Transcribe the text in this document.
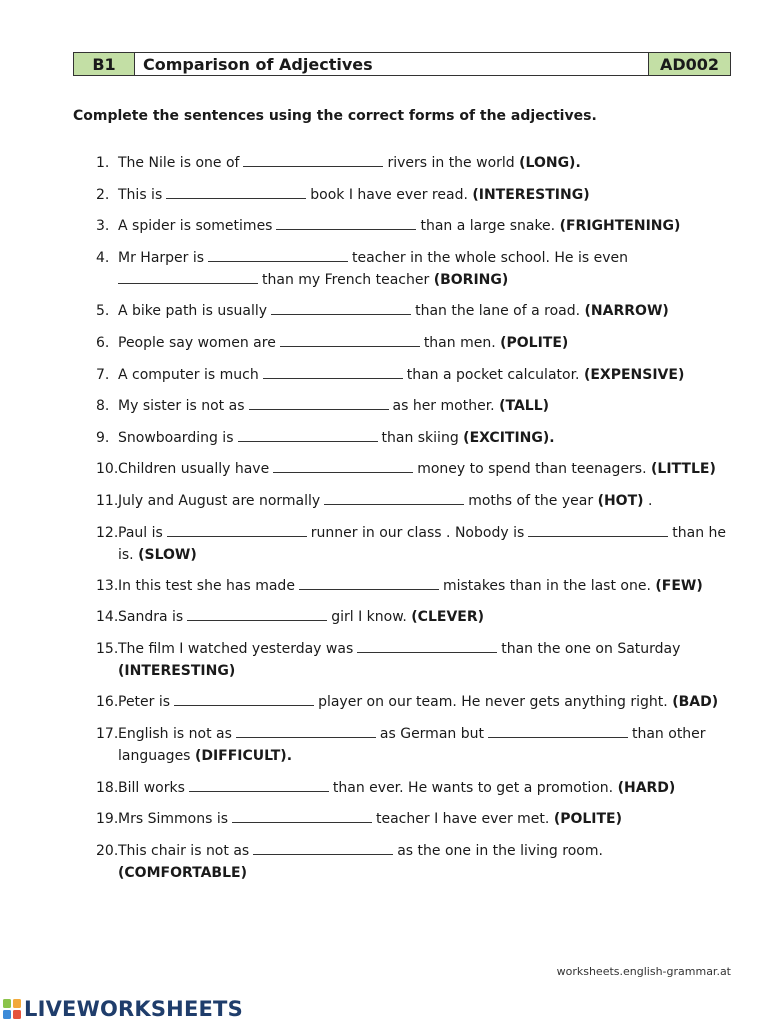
B1	Comparison of Adjectives	AD002
Complete the sentences using the correct forms of the adjectives.
1. The Nile is one of	rivers in the world (LONG).
2. This is	book I have ever read. (INTERESTING)
3. A spider is sometimes	than a large snake. (FRIGHTENING)
4. Mr Harper is	teacher in the whole school. He is even
than my French teacher (BORING)
5. A bike path is usually	than the lane of a road. (NARROW)
6. People say women are	than men. (POLITE)
7. A computer is much	than a pocket calculator. (EXPENSIVE)
8. My sister is not as	as her mother. (TALL)
9. Snowboarding is	than skiing (EXCITING).
10. Children usually have	money to spend than teenagers. (LITTLE)
11. July and August are normally	moths of the year (HOT) .
12. Paul is	runner in our class . Nobody is	than he is. (SLOW)
13. In this test she has made	mistakes than in the last one. (FEW)
14. Sandra is	girl I know. (CLEVER)
15. The film I watched yesterday was	than the one on Saturday
(INTERESTING)
16. Peter is	player on our team. He never gets anything right. (BAD)
17. English is not as	as German but	than other languages (DIFFICULT).
18. Bill works	than ever. He wants to get a promotion. (HARD)
19. Mrs Simmons is	teacher I have ever met. (POLITE)
20. This chair is not as	as the one in the living room.
(COMFORTABLE)
worksheets.english-grammar.at
LIVEWORKSHEETS
